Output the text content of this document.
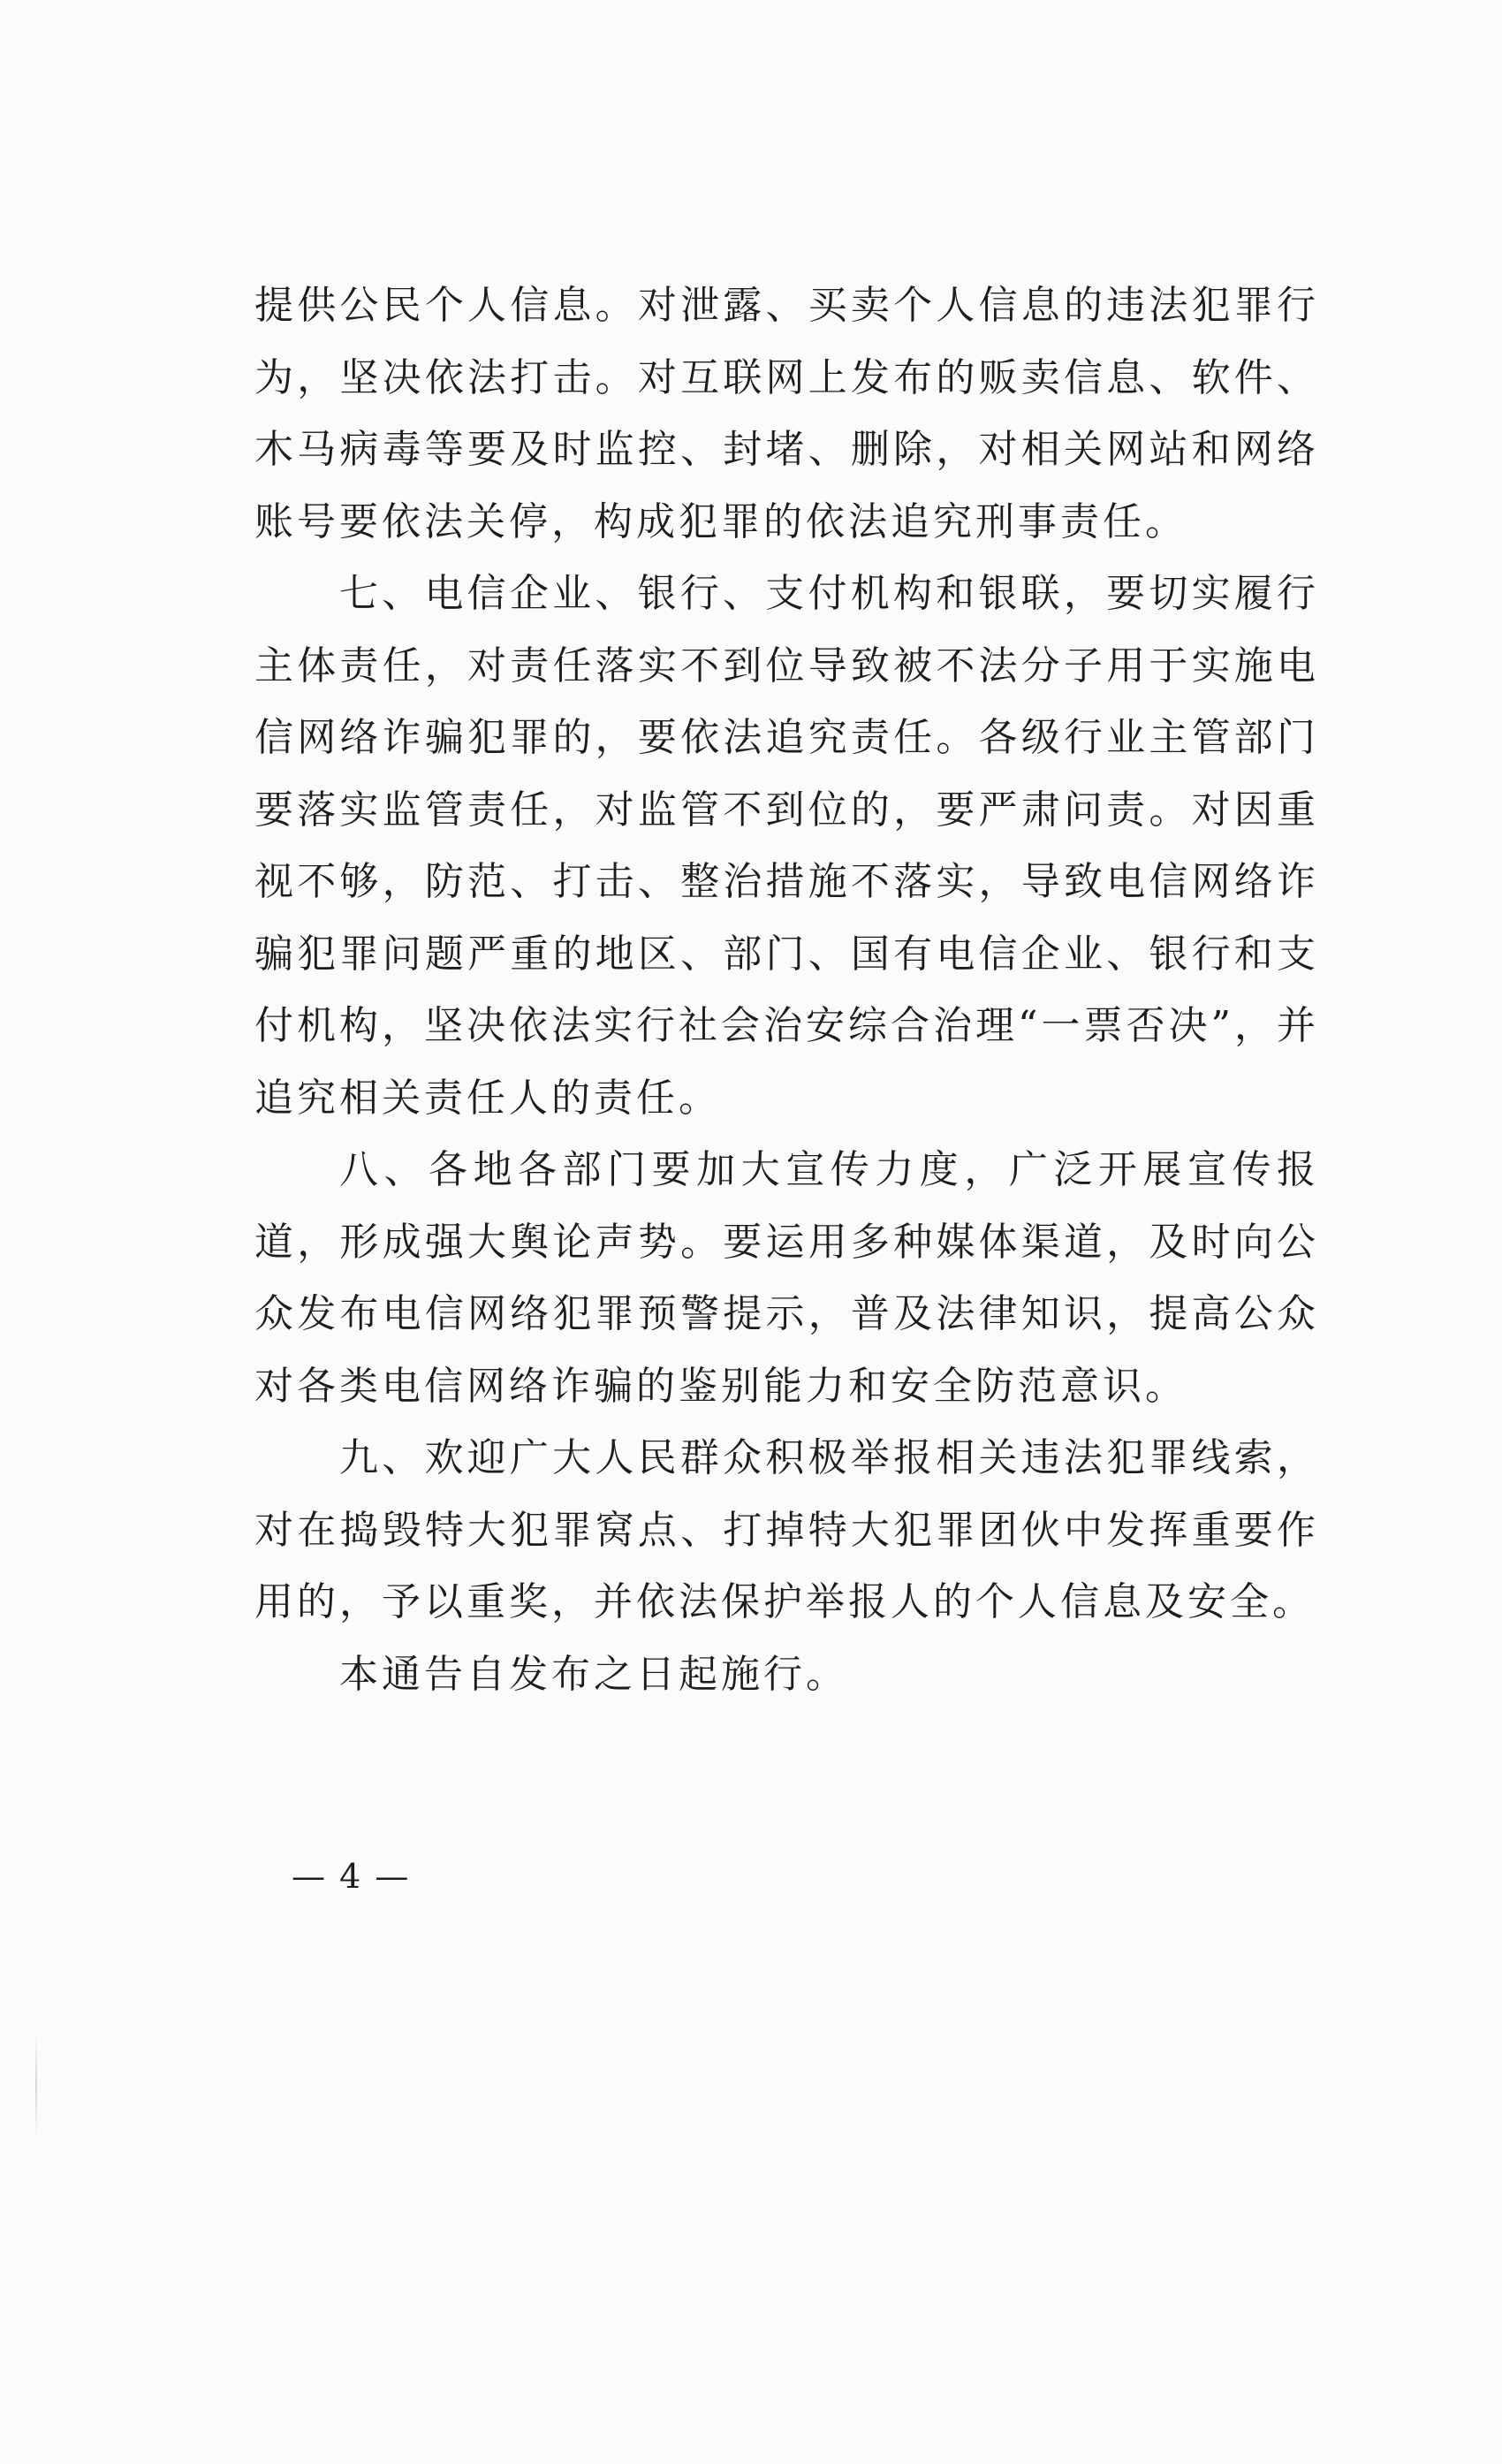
提供公民个人信息。对泄露、买卖个人信息的违法犯罪行为，坚决依法打击。对互联网上发布的贩卖信息、软件、木马病毒等要及时监控、封堵、删除，对相关网站和网络账号要依法关停，构成犯罪的依法追究刑事责任。

七、电信企业、银行、支付机构和银联，要切实履行主体责任，对责任落实不到位导致被不法分子用于实施电信网络诈骗犯罪的，要依法追究责任。各级行业主管部门要落实监管责任，对监管不到位的，要严肃问责。对因重视不够，防范、打击、整治措施不落实，导致电信网络诈骗犯罪问题严重的地区、部门、国有电信企业、银行和支付机构，坚决依法实行社会治安综合治理“一票否决”，并追究相关责任人的责任。

八、各地各部门要加大宣传力度，广泛开展宣传报道，形成强大舆论声势。要运用多种媒体渠道，及时向公众发布电信网络犯罪预警提示，普及法律知识，提高公众对各类电信网络诈骗的鉴别能力和安全防范意识。

九、欢迎广大人民群众积极举报相关违法犯罪线索，对在捣毁特大犯罪窝点、打掉特大犯罪团伙中发挥重要作用的，予以重奖，并依法保护举报人的个人信息及安全。

本通告自发布之日起施行。

— 4 —
